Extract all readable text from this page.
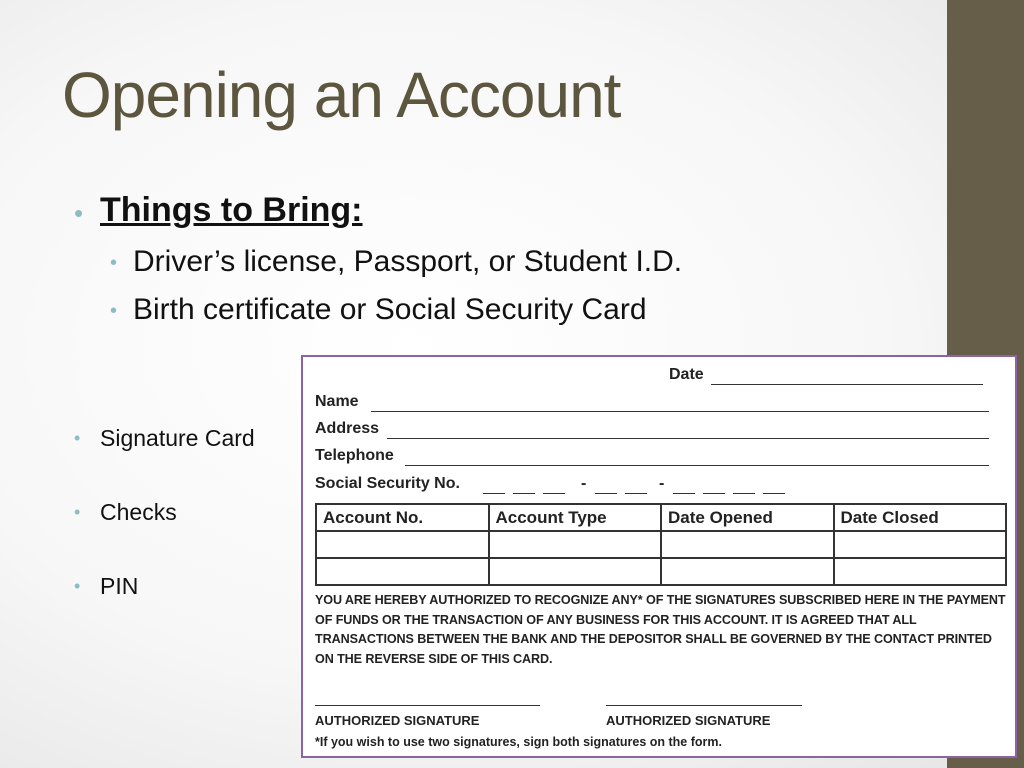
Opening an Account
• Things to Bring:
• Driver’s license, Passport, or Student I.D.
• Birth certificate or Social Security Card
• Signature Card
• Checks
• PIN
Date
Name
Address
Telephone
Social Security No.	-	-
Account No.	Account Type	Date Opened	Date Closed

YOU ARE HEREBY AUTHORIZED TO RECOGNIZE ANY* OF THE SIGNATURES SUBSCRIBED HERE IN THE PAYMENT OF FUNDS OR THE TRANSACTION OF ANY BUSINESS FOR THIS ACCOUNT. IT IS AGREED THAT ALL TRANSACTIONS BETWEEN THE BANK AND THE DEPOSITOR SHALL BE GOVERNED BY THE CONTACT PRINTED ON THE REVERSE SIDE OF THIS CARD.
AUTHORIZED SIGNATURE	AUTHORIZED SIGNATURE
*If you wish to use two signatures, sign both signatures on the form.
